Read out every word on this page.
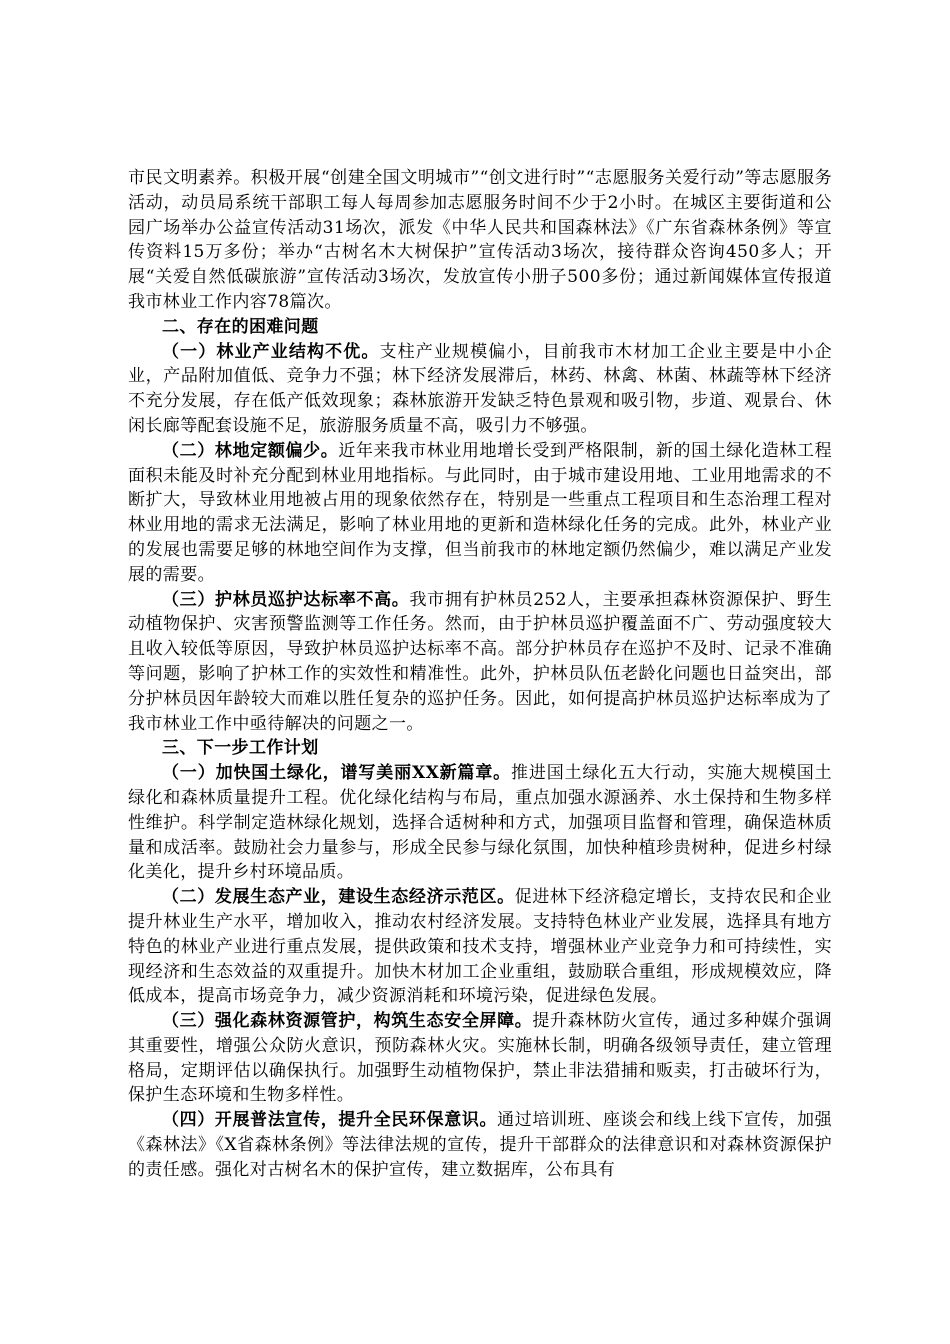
市民文明素养。积极开展“创建全国文明城市”“创文进行时”“志愿服务关爱行动”等志愿服务活动，动员局系统干部职工每人每周参加志愿服务时间不少于2小时。在城区主要街道和公园广场举办公益宣传活动31场次，派发《中华人民共和国森林法》《广东省森林条例》等宣传资料15万多份；举办“古树名木大树保护”宣传活动3场次，接待群众咨询450多人；开展“关爱自然低碳旅游”宣传活动3场次，发放宣传小册子500多份；通过新闻媒体宣传报道我市林业工作内容78篇次。

二、存在的困难问题

（一）林业产业结构不优。支柱产业规模偏小，目前我市木材加工企业主要是中小企业，产品附加值低、竞争力不强；林下经济发展滞后，林药、林禽、林菌、林蔬等林下经济不充分发展，存在低产低效现象；森林旅游开发缺乏特色景观和吸引物，步道、观景台、休闲长廊等配套设施不足，旅游服务质量不高，吸引力不够强。

（二）林地定额偏少。近年来我市林业用地增长受到严格限制，新的国土绿化造林工程面积未能及时补充分配到林业用地指标。与此同时，由于城市建设用地、工业用地需求的不断扩大，导致林业用地被占用的现象依然存在，特别是一些重点工程项目和生态治理工程对林业用地的需求无法满足，影响了林业用地的更新和造林绿化任务的完成。此外，林业产业的发展也需要足够的林地空间作为支撑，但当前我市的林地定额仍然偏少，难以满足产业发展的需要。

（三）护林员巡护达标率不高。我市拥有护林员252人，主要承担森林资源保护、野生动植物保护、灾害预警监测等工作任务。然而，由于护林员巡护覆盖面不广、劳动强度较大且收入较低等原因，导致护林员巡护达标率不高。部分护林员存在巡护不及时、记录不准确等问题，影响了护林工作的实效性和精准性。此外，护林员队伍老龄化问题也日益突出，部分护林员因年龄较大而难以胜任复杂的巡护任务。因此，如何提高护林员巡护达标率成为了我市林业工作中亟待解决的问题之一。

三、下一步工作计划

（一）加快国土绿化，谱写美丽XX新篇章。推进国土绿化五大行动，实施大规模国土绿化和森林质量提升工程。优化绿化结构与布局，重点加强水源涵养、水土保持和生物多样性维护。科学制定造林绿化规划，选择合适树种和方式，加强项目监督和管理，确保造林质量和成活率。鼓励社会力量参与，形成全民参与绿化氛围，加快种植珍贵树种，促进乡村绿化美化，提升乡村环境品质。

（二）发展生态产业，建设生态经济示范区。促进林下经济稳定增长，支持农民和企业提升林业生产水平，增加收入，推动农村经济发展。支持特色林业产业发展，选择具有地方特色的林业产业进行重点发展，提供政策和技术支持，增强林业产业竞争力和可持续性，实现经济和生态效益的双重提升。加快木材加工企业重组，鼓励联合重组，形成规模效应，降低成本，提高市场竞争力，减少资源消耗和环境污染，促进绿色发展。

（三）强化森林资源管护，构筑生态安全屏障。提升森林防火宣传，通过多种媒介强调其重要性，增强公众防火意识，预防森林火灾。实施林长制，明确各级领导责任，建立管理格局，定期评估以确保执行。加强野生动植物保护，禁止非法猎捕和贩卖，打击破坏行为，保护生态环境和生物多样性。

（四）开展普法宣传，提升全民环保意识。通过培训班、座谈会和线上线下宣传，加强《森林法》《X省森林条例》等法律法规的宣传，提升干部群众的法律意识和对森林资源保护的责任感。强化对古树名木的保护宣传，建立数据库，公布具有
